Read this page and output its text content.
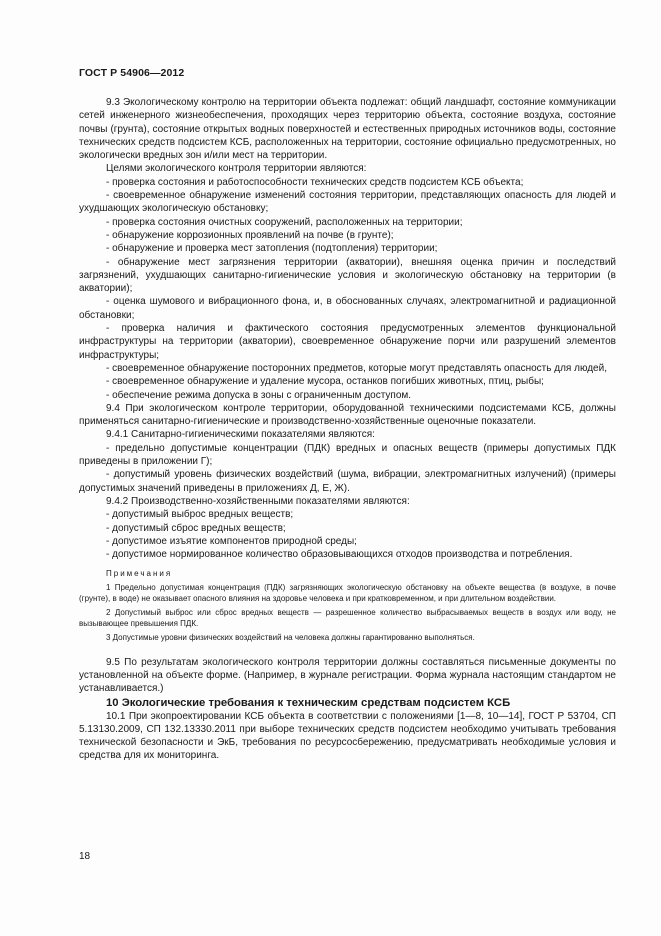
ГОСТ Р 54906—2012

9.3 Экологическому контролю на территории объекта подлежат: общий ландшафт, состояние коммуникации сетей инженерного жизнеобеспечения, проходящих через территорию объекта, состояние воздуха, состояние почвы (грунта), состояние открытых водных поверхностей и естественных природных источников воды, состояние технических средств подсистем КСБ, расположенных на территории, состояние официально предусмотренных, но экологически вредных зон и/или мест на территории.

Целями экологического контроля территории являются:

- проверка состояния и работоспособности технических средств подсистем КСБ объекта;

- своевременное обнаружение изменений состояния территории, представляющих опасность для людей и ухудшающих экологическую обстановку;

- проверка состояния очистных сооружений, расположенных на территории;

- обнаружение коррозионных проявлений на почве (в грунте);

- обнаружение и проверка мест затопления (подтопления) территории;

- обнаружение мест загрязнения территории (акватории), внешняя оценка причин и последствий загрязнений, ухудшающих санитарно-гигиенические условия и экологическую обстановку на территории (в акватории);

- оценка шумового и вибрационного фона, и, в обоснованных случаях, электромагнитной и радиационной обстановки;

- проверка наличия и фактического состояния предусмотренных элементов функциональной инфраструктуры на территории (акватории), своевременное обнаружение порчи или разрушений элементов инфраструктуры;

- своевременное обнаружение посторонних предметов, которые могут представлять опасность для людей,

- своевременное обнаружение и удаление мусора, останков погибших животных, птиц, рыбы;

- обеспечение режима допуска в зоны с ограниченным доступом.

9.4 При экологическом контроле территории, оборудованной техническими подсистемами КСБ, должны применяться санитарно-гигиенические и производственно-хозяйственные оценочные показатели.

9.4.1 Санитарно-гигиеническими показателями являются:

- предельно допустимые концентрации (ПДК) вредных и опасных веществ (примеры допустимых ПДК приведены в приложении Г);

- допустимый уровень физических воздействий (шума, вибрации, электромагнитных излучений) (примеры допустимых значений приведены в приложениях Д, Е, Ж).

9.4.2 Производственно-хозяйственными показателями являются:

- допустимый выброс вредных веществ;

- допустимый сброс вредных веществ;

- допустимое изъятие компонентов природной среды;

- допустимое нормированное количество образовывающихся отходов производства и потребления.

Примечания

1 Предельно допустимая концентрация (ПДК) загрязняющих экологическую обстановку на объекте вещества (в воздухе, в почве (грунте), в воде) не оказывает опасного влияния на здоровье человека и при кратковременном, и при длительном воздействии.

2 Допустимый выброс или сброс вредных веществ — разрешенное количество выбрасываемых веществ в воздух или воду, не вызывающее превышения ПДК.

3 Допустимые уровни физических воздействий на человека должны гарантированно выполняться.

9.5 По результатам экологического контроля территории должны составляться письменные документы по установленной на объекте форме. (Например, в журнале регистрации. Форма журнала настоящим стандартом не устанавливается.)

10 Экологические требования к техническим средствам подсистем КСБ

10.1 При экопроектировании КСБ объекта в соответствии с положениями [1—8, 10—14], ГОСТ Р 53704, СП 5.13130.2009, СП 132.13330.2011 при выборе технических средств подсистем необходимо учитывать требования технической безопасности и ЭкБ, требования по ресурсосбережению, предусматривать необходимые условия и средства для их мониторинга.

18
